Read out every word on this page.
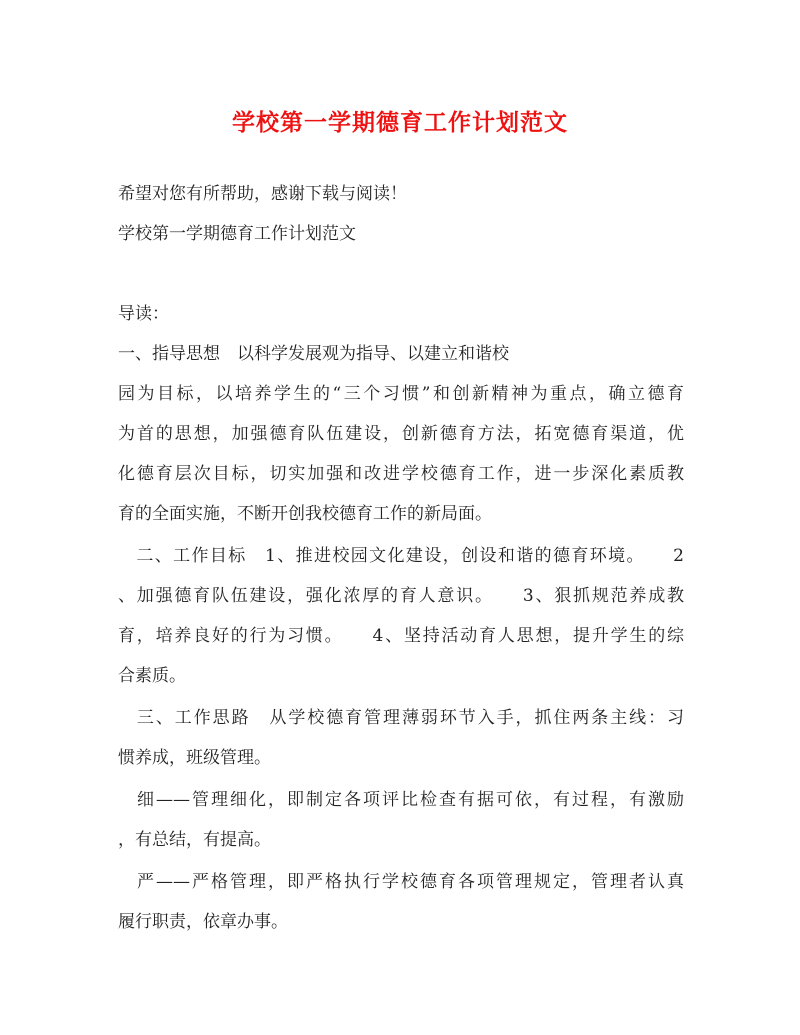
学校第一学期德育工作计划范文
希望对您有所帮助，感谢下载与阅读！
学校第一学期德育工作计划范文
导读：
一、指导思想　以科学发展观为指导、以建立和谐校
园为目标，以培养学生的“三个习惯”和创新精神为重点，确立德育
为首的思想，加强德育队伍建设，创新德育方法，拓宽德育渠道，优
化德育层次目标，切实加强和改进学校德育工作，进一步深化素质教
育的全面实施，不断开创我校德育工作的新局面。
　二、工作目标　1、推进校园文化建设，创设和谐的德育环境。　　2
、加强德育队伍建设，强化浓厚的育人意识。　　3、狠抓规范养成教
育，培养良好的行为习惯。　　4、坚持活动育人思想，提升学生的综
合素质。
　三、工作思路　从学校德育管理薄弱环节入手，抓住两条主线：习
惯养成，班级管理。
　细——管理细化，即制定各项评比检查有据可依，有过程，有激励
，有总结，有提高。
　严——严格管理，即严格执行学校德育各项管理规定，管理者认真
履行职责，依章办事。
